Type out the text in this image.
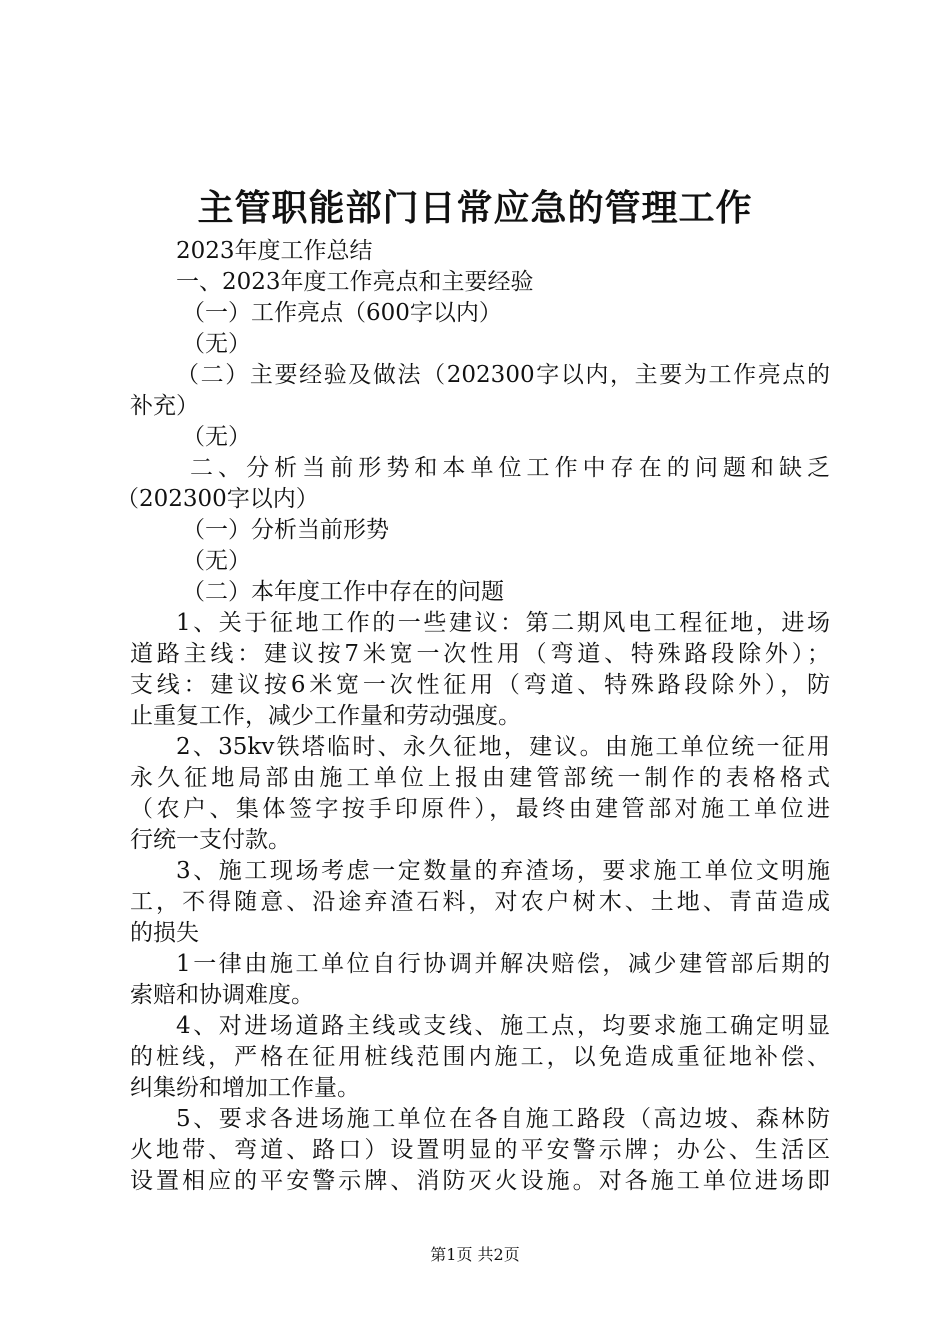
主管职能部门日常应急的管理工作
2023年度工作总结
一、2023年度工作亮点和主要经验
（一）工作亮点（600字以内）
（无）
（二）主要经验及做法（202300字以内，主要为工作亮点的
补充）
（无）
二、分析当前形势和本单位工作中存在的问题和缺乏
（202300字以内）
（一）分析当前形势
（无）
（二）本年度工作中存在的问题
1、关于征地工作的一些建议：第二期风电工程征地，进场
道路主线：建议按7米宽一次性用（弯道、特殊路段除外）；
支线：建议按6米宽一次性征用（弯道、特殊路段除外），防
止重复工作，减少工作量和劳动强度。
2、35kv铁塔临时、永久征地，建议。由施工单位统一征用
永久征地局部由施工单位上报由建管部统一制作的表格格式
（农户、集体签字按手印原件），最终由建管部对施工单位进
行统一支付款。
3、施工现场考虑一定数量的弃渣场，要求施工单位文明施
工，不得随意、沿途弃渣石料，对农户树木、土地、青苗造成
的损失
1一律由施工单位自行协调并解决赔偿，减少建管部后期的
索赔和协调难度。
4、对进场道路主线或支线、施工点，均要求施工确定明显
的桩线，严格在征用桩线范围内施工，以免造成重征地补偿、
纠集纷和增加工作量。
5、要求各进场施工单位在各自施工路段（高边坡、森林防
火地带、弯道、路口）设置明显的平安警示牌；办公、生活区
设置相应的平安警示牌、消防灭火设施。对各施工单位进场即
第1页 共2页
